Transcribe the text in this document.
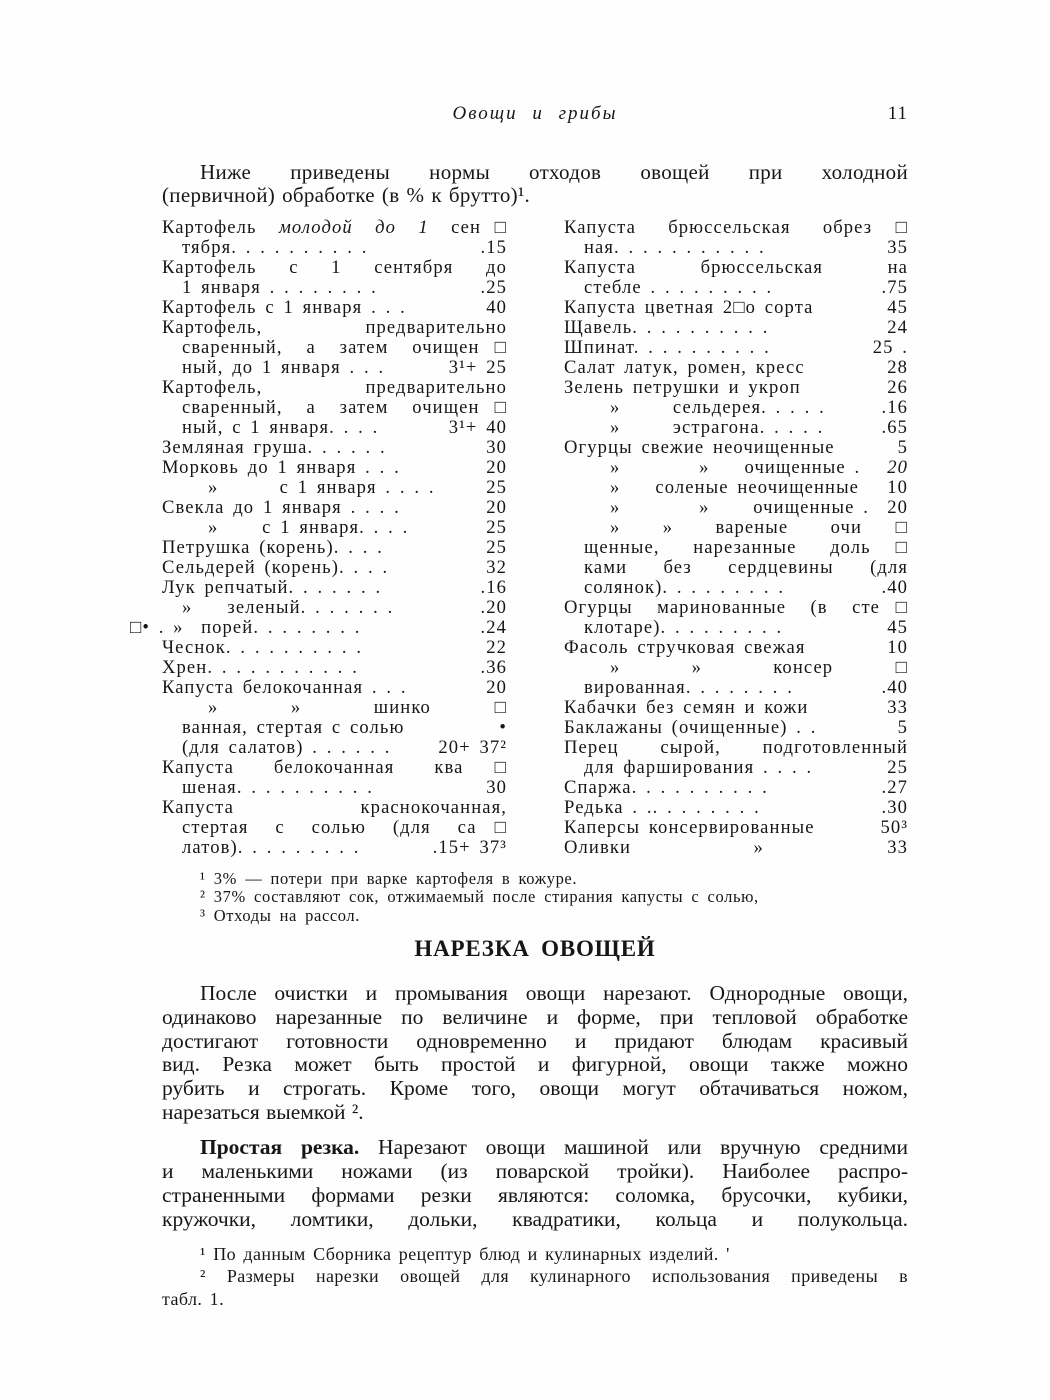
Овощи и грибы	11
Ниже приведены нормы отходов овощей при холодной
(первичной) обработке (в % к брутто)¹.
Картофель молодой до 1 сен□
тября. . . . . . . . . .	.15
Картофель с 1 сентября до
1 января . . . . . . . .	.25
Картофель с 1 января . . .	40
Картофель, предварительно
сваренный, а затем очищен□
ный, до 1 января . . .	3¹+ 25
Картофель, предварительно
сваренный, а затем очищен□
ный, с 1 января. . . .	3¹+ 40
Земляная груша. . . . . .	30
Морковь до 1 января . . .	20
»       с 1 января . . . .	25
Свекла до 1 января . . . .	20
»     с 1 января. . . .	25
Петрушка (корень). . . .	25
Сельдерей (корень). . . .	32
Лук репчатый. . . . . . .	.16
»    зеленый. . . . . . .	.20
□• . »  порей. . . . . . . .	.24
Чеснок. . . . . . . . . .	22
Хрен. . . . . . . . . . .	.36
Капуста белокочанная . . .	20
» » шинко□
ванная, стертая с солью	•
(для салатов) . . . . . .	20+ 37²
Капуста белокочанная ква□
шеная. . . . . . . . . .	30
Капуста краснокочанная,
стертая с солью (для са□
латов). . . . . . . . .	.15+ 37³
Капуста брюссельская обрез□
ная. . . . . . . . . . .	35
Капуста брюссельская на
стебле . . . . . . . . .	.75
Капуста цветная 2□о сорта	45
Щавель. . . . . . . . . .	24
Шпинат. . . . . . . . . .	25 .
Салат латук, ромен, кресс	28
Зелень петрушки и укроп	26
»      сельдерея. . . . .	.16
»      эстрагона. . . . .	.65
Огурцы свежие неочищенные	5
»         »    очищенные . 20
»    соленые неочищенные 10
»         »     очищенные . 20
» » вареные очи□
щенные, нарезанные доль□
ками без сердцевины (для
солянок). . . . . . . . .	.40
Огурцы маринованные (в сте□
клотаре). . . . . . . . .	45
Фасоль стручковая свежая	10
» » консер□
вированная. . . . . . . .	.40
Кабачки без семян и кожи	33
Баклажаны (очищенные) . .	5
Перец сырой, подготовленный
для фарширования . . . .	25
Спаржа. . . . . . . . . .	.27
Редька . .. . . . . . . .	.30
Каперсы консервированные	50³
Оливки              »	33
¹ 3% — потери при варке картофеля в кожуре.
² 37% составляют сок, отжимаемый после стирания капусты с солью,
³ Отходы на рассол.
НАРЕЗКА ОВОЩЕЙ
После очистки и промывания овощи нарезают. Однородные овощи,
одинаково нарезанные по величине и форме, при тепловой обработке
достигают готовности одновременно и придают блюдам красивый
вид. Резка может быть простой и фигурной, овощи также можно
рубить и строгать. Кроме того, овощи могут обтачиваться ножом,
нарезаться выемкой ².
Простая резка. Нарезают овощи машиной или вручную средними
и маленькими ножами (из поварской тройки). Наиболее распро-
страненными формами резки являются: соломка, брусочки, кубики,
кружочки, ломтики, дольки, квадратики, кольца и полукольца.
¹ По данным Сборника рецептур блюд и кулинарных изделий. '
² Размеры нарезки овощей для кулинарного использования приведены в
табл. 1.
